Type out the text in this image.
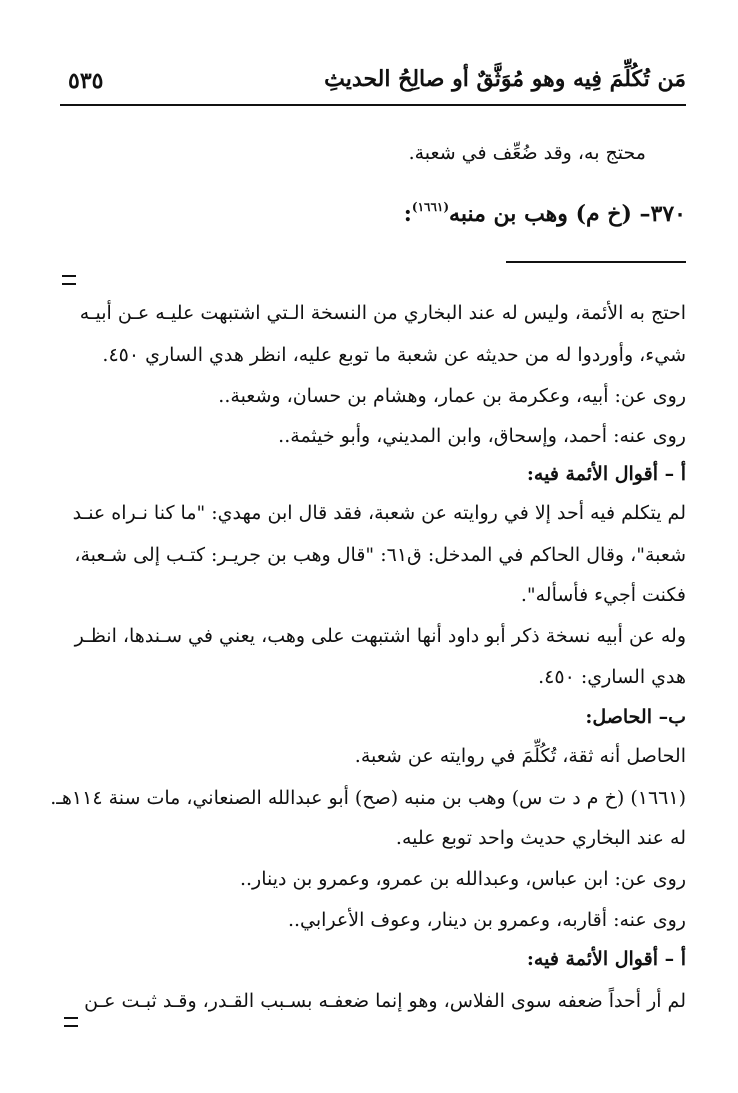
مَن تُكُلِّمَ فِيه وهو مُوَثَّقٌ أو صالِحُ الحديثِ
٥٣٥
محتج به، وقد ضُعِّف في شعبة.
٣٧٠– (خ م) وهب بن منبه$^{(١٦٦١)}$:
احتج به الأئمة، وليس له عند البخاري من النسخة الـتي اشتبهت عليـه عـن أبيـه
شيء، وأوردوا له من حديثه عن شعبة ما توبع عليه، انظر هدي الساري ٤٥٠.
روى عن: أبيه، وعكرمة بن عمار، وهشام بن حسان، وشعبة..
روى عنه: أحمد، وإسحاق، وابن المديني، وأبو خيثمة..
أ – أقوال الأئمة فيه:
لم يتكلم فيه أحد إلا في روايته عن شعبة، فقد قال ابن مهدي: "ما كنا نـراه عنـد
شعبة"، وقال الحاكم في المدخل: ق٦١: "قال وهب بن جريـر: كتـب إلى شـعبة،
فكنت أجيء فأسأله".
وله عن أبيه نسخة ذكر أبو داود أنها اشتبهت على وهب، يعني في سـندها، انظـر
هدي الساري: ٤٥٠.
ب– الحاصل:
الحاصل أنه ثقة، تُكُلِّمَ في روايته عن شعبة.
(١٦٦١) (خ م د ت س) وهب بن منبه (صح) أبو عبدالله الصنعاني، مات سنة ١١٤هـ.
له عند البخاري حديث واحد توبع عليه.
روى عن: ابن عباس، وعبدالله بن عمرو، وعمرو بن دينار..
روى عنه: أقاربه، وعمرو بن دينار، وعوف الأعرابي..
أ – أقوال الأئمة فيه:
لم أر أحداً ضعفه سوى الفلاس، وهو إنما ضعفـه بسـبب القـدر، وقـد ثبـت عـن
